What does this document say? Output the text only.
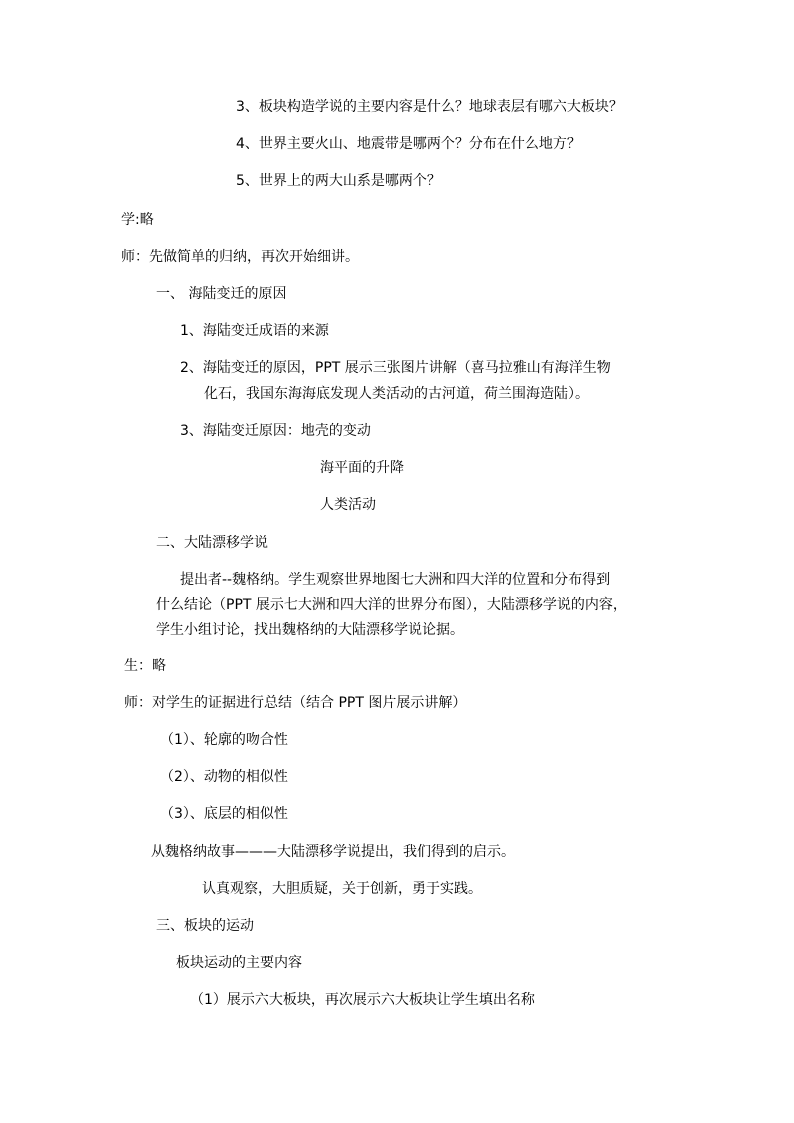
3、板块构造学说的主要内容是什么？地球表层有哪六大板块？
4、世界主要火山、地震带是哪两个？分布在什么地方？
5、世界上的两大山系是哪两个？
学:略
师：先做简单的归纳，再次开始细讲。
一、 海陆变迁的原因
1、海陆变迁成语的来源
2、海陆变迁的原因，PPT 展示三张图片讲解（喜马拉雅山有海洋生物
化石，我国东海海底发现人类活动的古河道，荷兰围海造陆）。
3、海陆变迁原因：地壳的变动
海平面的升降
人类活动
二、大陆漂移学说
提出者--魏格纳。学生观察世界地图七大洲和四大洋的位置和分布得到
什么结论（PPT 展示七大洲和四大洋的世界分布图），大陆漂移学说的内容，
学生小组讨论，找出魏格纳的大陆漂移学说论据。
生：略
师：对学生的证据进行总结（结合 PPT 图片展示讲解）
（1）、轮廓的吻合性
（2）、动物的相似性
（3）、底层的相似性
从魏格纳故事———大陆漂移学说提出，我们得到的启示。
认真观察，大胆质疑，关于创新，勇于实践。
三、板块的运动
板块运动的主要内容
（1）展示六大板块，再次展示六大板块让学生填出名称
